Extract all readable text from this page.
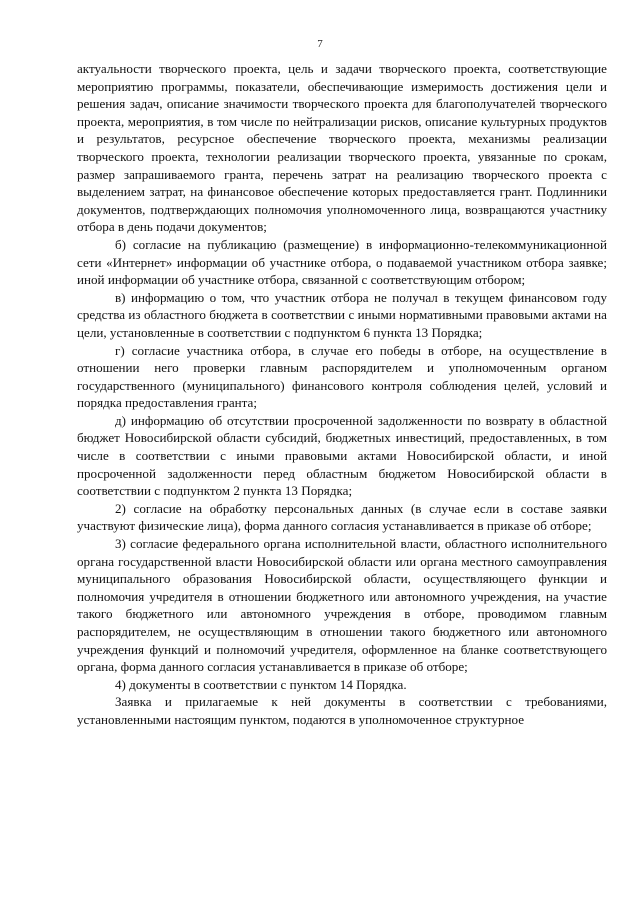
7

актуальности творческого проекта, цель и задачи творческого проекта, соответствующие мероприятию программы, показатели, обеспечивающие измеримость достижения цели и решения задач, описание значимости творческого проекта для благополучателей творческого проекта, мероприятия, в том числе по нейтрализации рисков, описание культурных продуктов и результатов, ресурсное обеспечение творческого проекта, механизмы реализации творческого проекта, технологии реализации творческого проекта, увязанные по срокам, размер запрашиваемого гранта, перечень затрат на реализацию творческого проекта с выделением затрат, на финансовое обеспечение которых предоставляется грант. Подлинники документов, подтверждающих полномочия уполномоченного лица, возвращаются участнику отбора в день подачи документов;

б) согласие на публикацию (размещение) в информационно-телекоммуникационной сети «Интернет» информации об участнике отбора, о подаваемой участником отбора заявке; иной информации об участнике отбора, связанной с соответствующим отбором;

в) информацию о том, что участник отбора не получал в текущем финансовом году средства из областного бюджета в соответствии с иными нормативными правовыми актами на цели, установленные в соответствии с подпунктом 6 пункта 13 Порядка;

г) согласие участника отбора, в случае его победы в отборе, на осуществление в отношении него проверки главным распорядителем и уполномоченным органом государственного (муниципального) финансового контроля соблюдения целей, условий и порядка предоставления гранта;

д) информацию об отсутствии просроченной задолженности по возврату в областной бюджет Новосибирской области субсидий, бюджетных инвестиций, предоставленных, в том числе в соответствии с иными правовыми актами Новосибирской области, и иной просроченной задолженности перед областным бюджетом Новосибирской области в соответствии с подпунктом 2 пункта 13 Порядка;

2) согласие на обработку персональных данных (в случае если в составе заявки участвуют физические лица), форма данного согласия устанавливается в приказе об отборе;

3) согласие федерального органа исполнительной власти, областного исполнительного органа государственной власти Новосибирской области или органа местного самоуправления муниципального образования Новосибирской области, осуществляющего функции и полномочия учредителя в отношении бюджетного или автономного учреждения, на участие такого бюджетного или автономного учреждения в отборе, проводимом главным распорядителем, не осуществляющим в отношении такого бюджетного или автономного учреждения функций и полномочий учредителя, оформленное на бланке соответствующего органа, форма данного согласия устанавливается в приказе об отборе;

4) документы в соответствии с пунктом 14 Порядка.

Заявка и прилагаемые к ней документы в соответствии с требованиями, установленными настоящим пунктом, подаются в уполномоченное структурное
